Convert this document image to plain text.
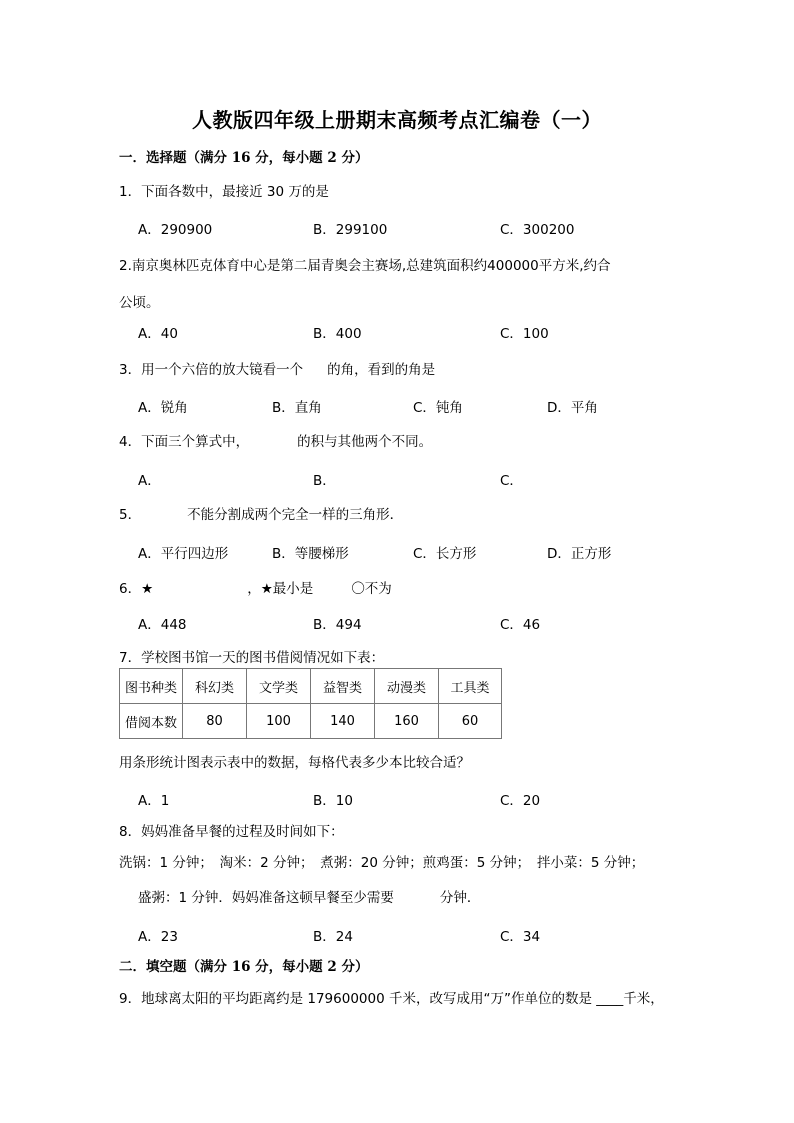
人教版四年级上册期末高频考点汇编卷（一）
一．选择题（满分 16 分，每小题 2 分）
1．下面各数中，最接近 30 万的是
A．290900	B．299100	C．300200
2.南京奥林匹克体育中心是第二届青奥会主赛场,总建筑面积约400000平方米,约合
公顷。
A．40	B．400	C．100
3．用一个六倍的放大镜看一个 的角，看到的角是
A．锐角	B．直角	C．钝角	D．平角
4．下面三个算式中，	的积与其他两个不同。
A．	B．	C．
5．	不能分割成两个完全一样的三角形．
A．平行四边形	B．等腰梯形	C．长方形	D．正方形
6．★	，★最小是	〇不为
A．448	B．494	C．46
7．学校图书馆一天的图书借阅情况如下表：
图书种类	科幻类	文学类	益智类	动漫类	工具类
借阅本数	80	100	140	160	60
用条形统计图表示表中的数据，每格代表多少本比较合适？
A．1	B．10	C．20
8．妈妈准备早餐的过程及时间如下：
洗锅：1 分钟；　淘米：2 分钟；　煮粥：20 分钟；煎鸡蛋：5 分钟；　拌小菜：5 分钟；
盛粥：1 分钟．妈妈准备这顿早餐至少需要	分钟．
A．23	B．24	C．34
二．填空题（满分 16 分，每小题 2 分）
9．地球离太阳的平均距离约是 179600000 千米，改写成用“万”作单位的数是 ____千米，
